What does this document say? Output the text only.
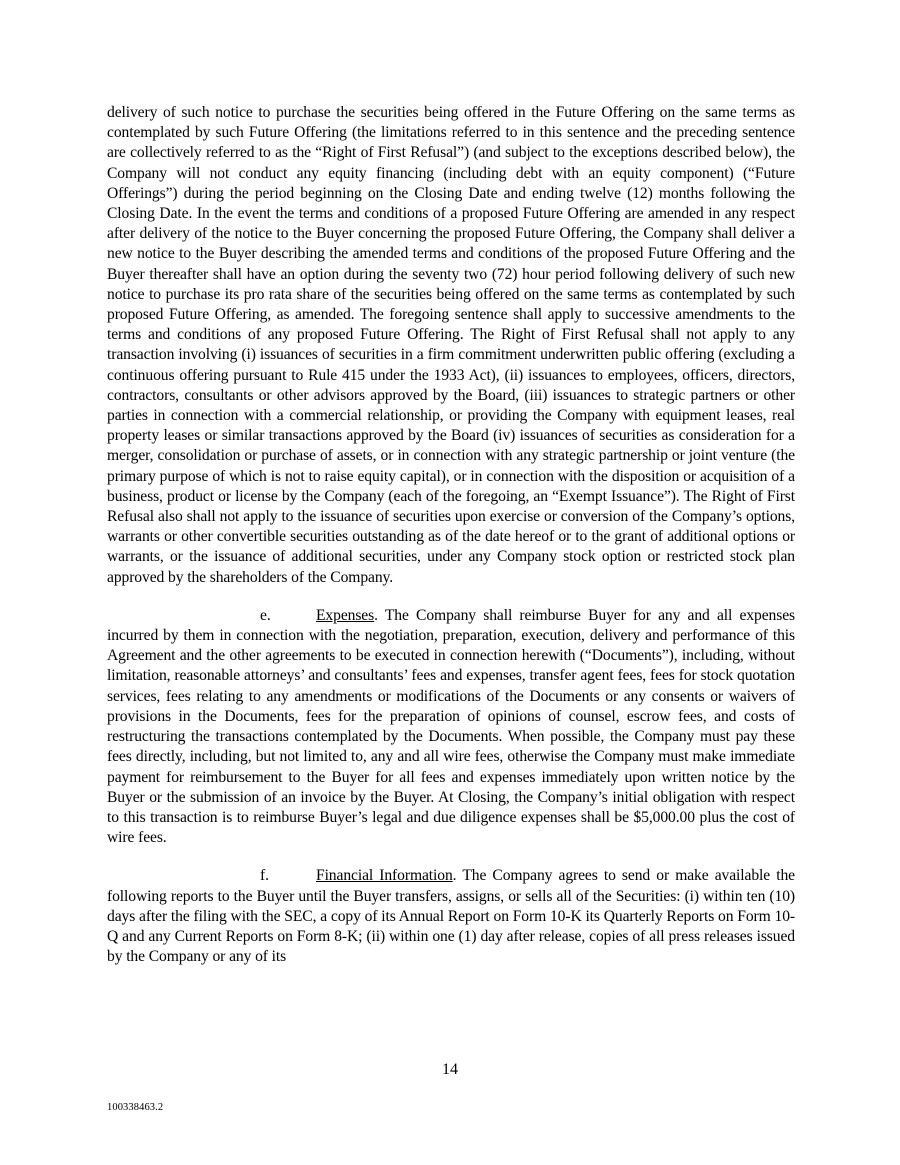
delivery of such notice to purchase the securities being offered in the Future Offering on the same terms as contemplated by such Future Offering (the limitations referred to in this sentence and the preceding sentence are collectively referred to as the “Right of First Refusal”) (and subject to the exceptions described below), the Company will not conduct any equity financing (including debt with an equity component) (“Future Offerings”) during the period beginning on the Closing Date and ending twelve (12) months following the Closing Date. In the event the terms and conditions of a proposed Future Offering are amended in any respect after delivery of the notice to the Buyer concerning the proposed Future Offering, the Company shall deliver a new notice to the Buyer describing the amended terms and conditions of the proposed Future Offering and the Buyer thereafter shall have an option during the seventy two (72) hour period following delivery of such new notice to purchase its pro rata share of the securities being offered on the same terms as contemplated by such proposed Future Offering, as amended. The foregoing sentence shall apply to successive amendments to the terms and conditions of any proposed Future Offering. The Right of First Refusal shall not apply to any transaction involving (i) issuances of securities in a firm commitment underwritten public offering (excluding a continuous offering pursuant to Rule 415 under the 1933 Act), (ii) issuances to employees, officers, directors, contractors, consultants or other advisors approved by the Board, (iii) issuances to strategic partners or other parties in connection with a commercial relationship, or providing the Company with equipment leases, real property leases or similar transactions approved by the Board (iv) issuances of securities as consideration for a merger, consolidation or purchase of assets, or in connection with any strategic partnership or joint venture (the primary purpose of which is not to raise equity capital), or in connection with the disposition or acquisition of a business, product or license by the Company (each of the foregoing, an “Exempt Issuance”). The Right of First Refusal also shall not apply to the issuance of securities upon exercise or conversion of the Company’s options, warrants or other convertible securities outstanding as of the date hereof or to the grant of additional options or warrants, or the issuance of additional securities, under any Company stock option or restricted stock plan approved by the shareholders of the Company.

e.	Expenses. The Company shall reimburse Buyer for any and all expenses incurred by them in connection with the negotiation, preparation, execution, delivery and performance of this Agreement and the other agreements to be executed in connection herewith (“Documents”), including, without limitation, reasonable attorneys’ and consultants’ fees and expenses, transfer agent fees, fees for stock quotation services, fees relating to any amendments or modifications of the Documents or any consents or waivers of provisions in the Documents, fees for the preparation of opinions of counsel, escrow fees, and costs of restructuring the transactions contemplated by the Documents. When possible, the Company must pay these fees directly, including, but not limited to, any and all wire fees, otherwise the Company must make immediate payment for reimbursement to the Buyer for all fees and expenses immediately upon written notice by the Buyer or the submission of an invoice by the Buyer. At Closing, the Company’s initial obligation with respect to this transaction is to reimburse Buyer’s legal and due diligence expenses shall be $5,000.00 plus the cost of wire fees.

f.	Financial Information. The Company agrees to send or make available the following reports to the Buyer until the Buyer transfers, assigns, or sells all of the Securities: (i) within ten (10) days after the filing with the SEC, a copy of its Annual Report on Form 10-K its Quarterly Reports on Form 10-Q and any Current Reports on Form 8-K; (ii) within one (1) day after release, copies of all press releases issued by the Company or any of its

14
100338463.2
